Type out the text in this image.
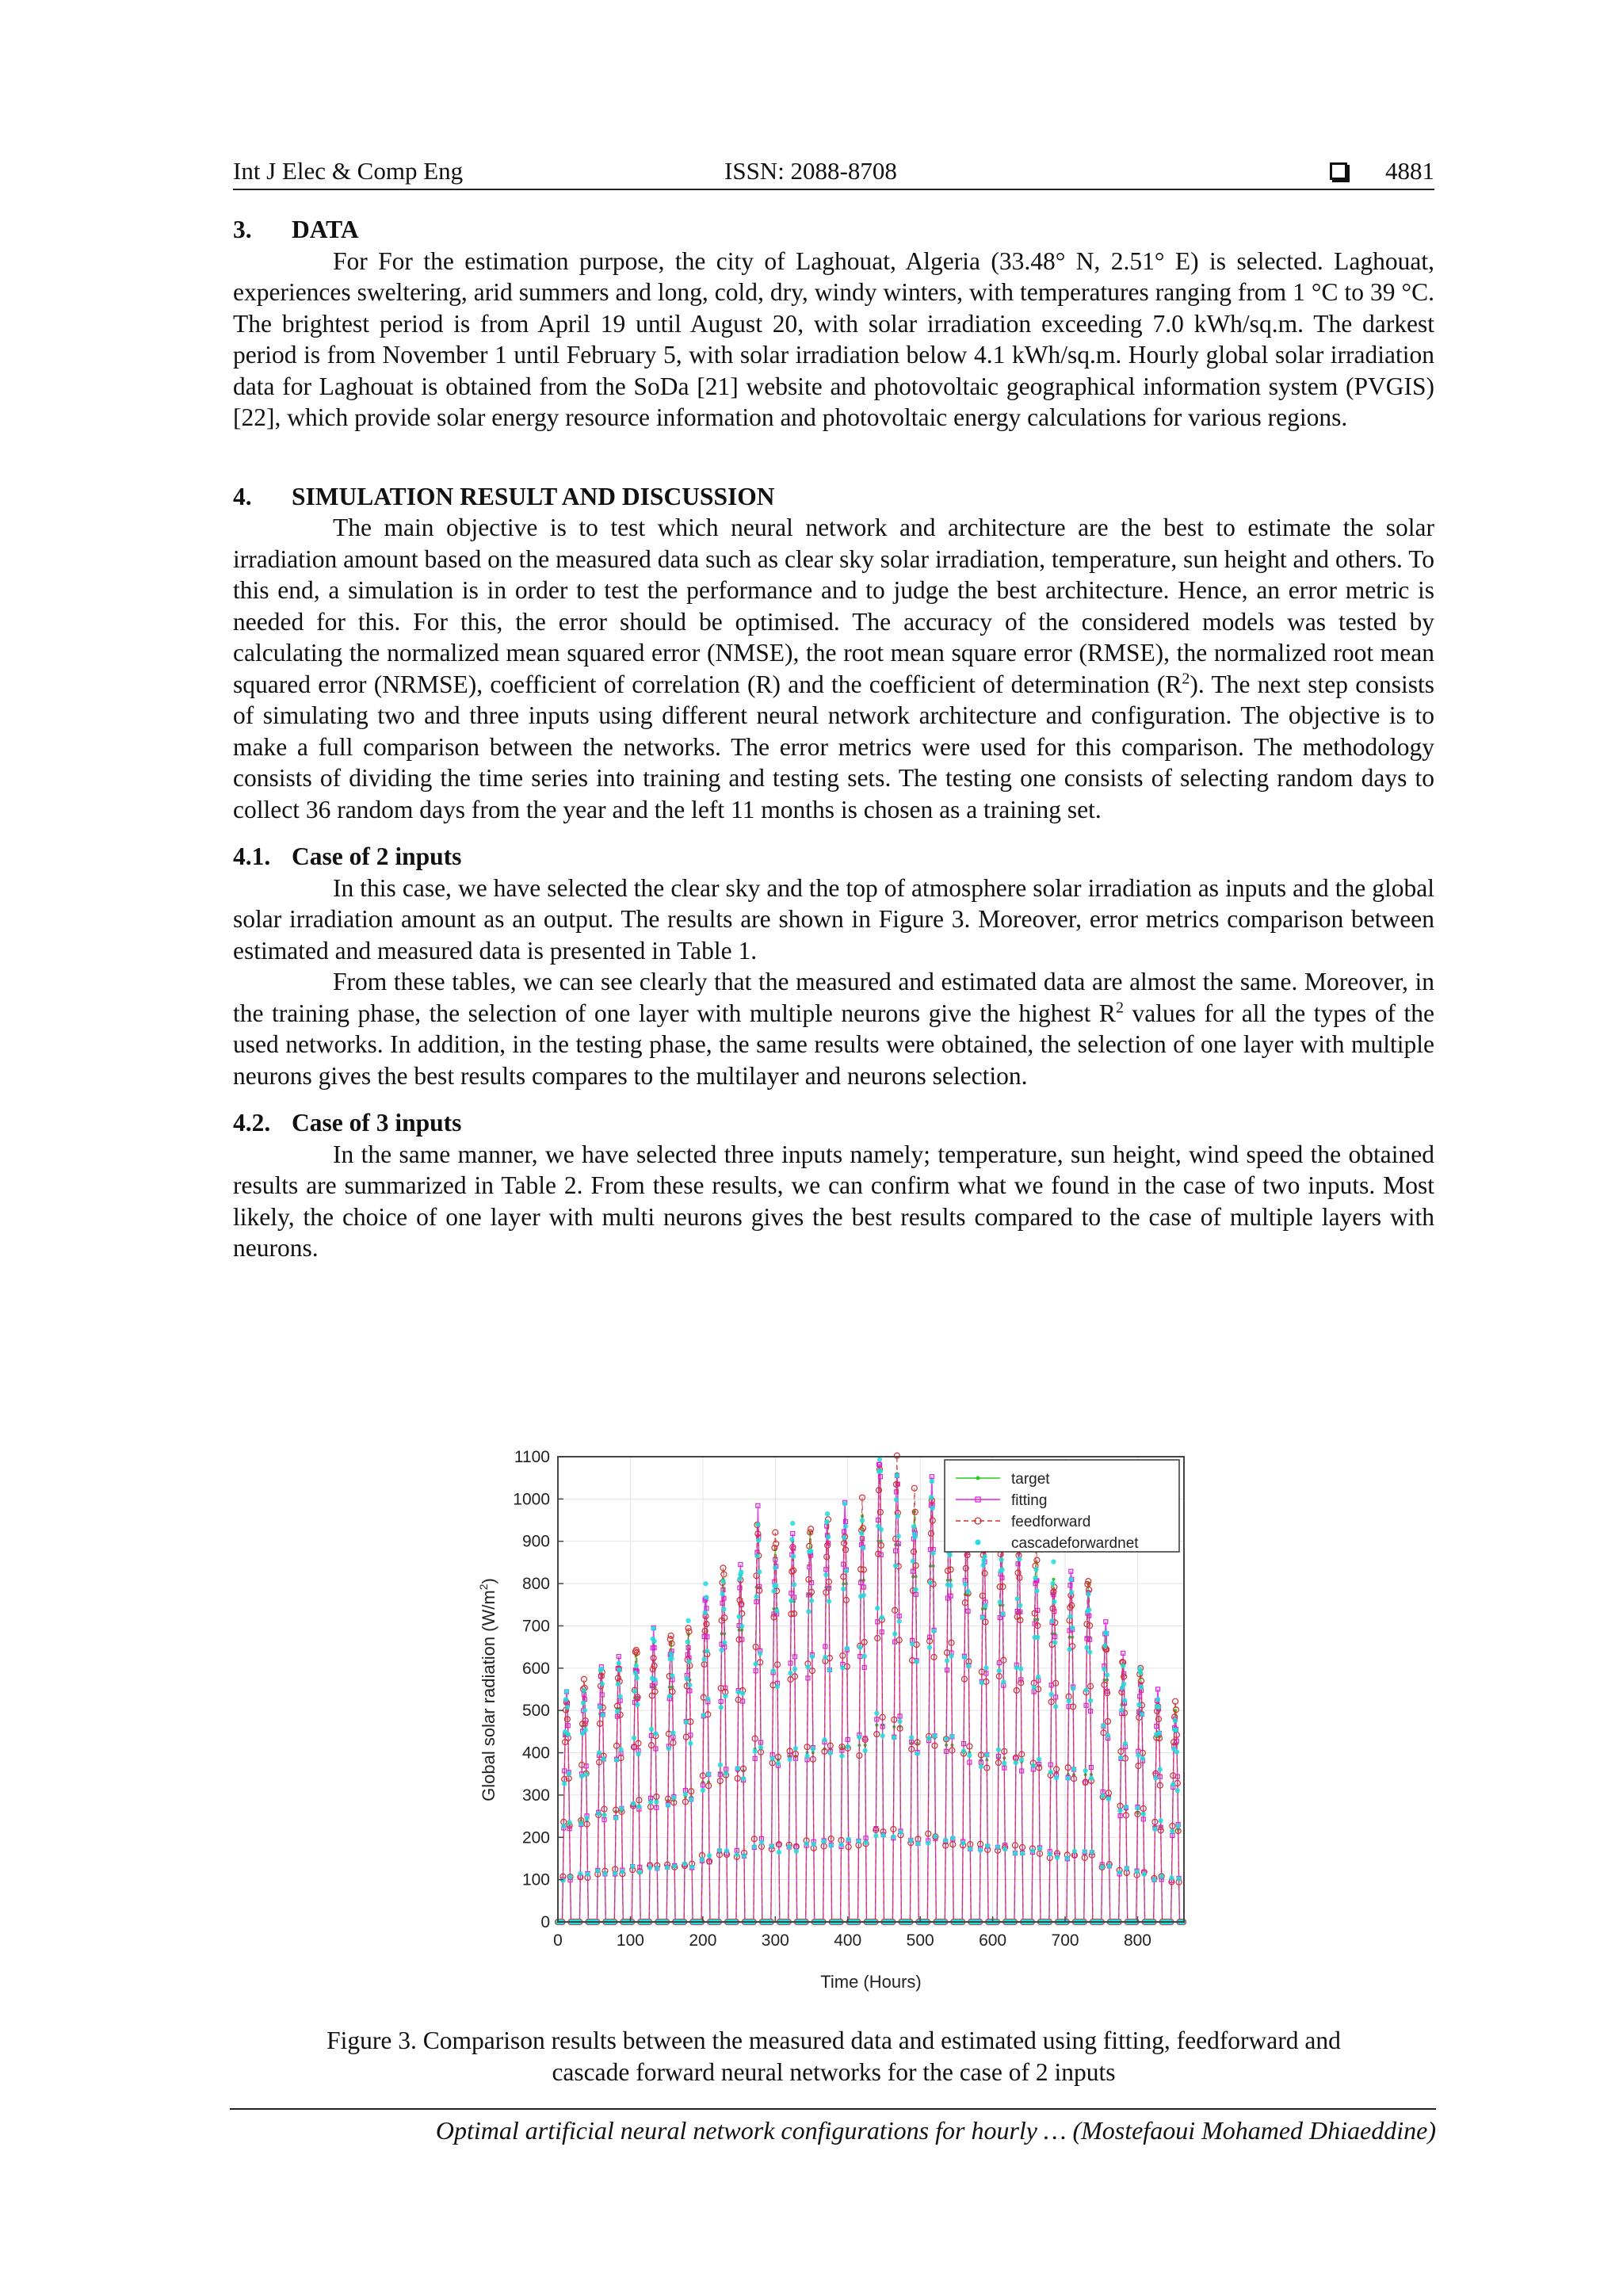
Int J Elec & Comp Eng	ISSN: 2088-8708	4881
3. DATA

For For the estimation purpose, the city of Laghouat, Algeria (33.48° N, 2.51° E) is selected. Laghouat, experiences sweltering, arid summers and long, cold, dry, windy winters, with temperatures ranging from 1 °C to 39 °C. The brightest period is from April 19 until August 20, with solar irradiation exceeding 7.0 kWh/sq.m. The darkest period is from November 1 until February 5, with solar irradiation below 4.1 kWh/sq.m. Hourly global solar irradiation data for Laghouat is obtained from the SoDa [21] website and photovoltaic geographical information system (PVGIS) [22], which provide solar energy resource information and photovoltaic energy calculations for various regions.

4. SIMULATION RESULT AND DISCUSSION

The main objective is to test which neural network and architecture are the best to estimate the solar irradiation amount based on the measured data such as clear sky solar irradiation, temperature, sun height and others. To this end, a simulation is in order to test the performance and to judge the best architecture. Hence, an error metric is needed for this. For this, the error should be optimised. The accuracy of the considered models was tested by calculating the normalized mean squared error (NMSE), the root mean square error (RMSE), the normalized root mean squared error (NRMSE), coefficient of correlation (R) and the coefficient of determination $(R^2)$. The next step consists of simulating two and three inputs using different neural network architecture and configuration. The objective is to make a full comparison between the networks. The error metrics were used for this comparison. The methodology consists of dividing the time series into training and testing sets. The testing one consists of selecting random days to collect 36 random days from the year and the left 11 months is chosen as a training set.

4.1. Case of 2 inputs

In this case, we have selected the clear sky and the top of atmosphere solar irradiation as inputs and the global solar irradiation amount as an output. The results are shown in Figure 3. Moreover, error metrics comparison between estimated and measured data is presented in Table 1.

From these tables, we can see clearly that the measured and estimated data are almost the same. Moreover, in the training phase, the selection of one layer with multiple neurons give the highest $R^2$ values for all the types of the used networks. In addition, in the testing phase, the same results were obtained, the selection of one layer with multiple neurons gives the best results compares to the multilayer and neurons selection.

4.2. Case of 3 inputs

In the same manner, we have selected three inputs namely; temperature, sun height, wind speed the obtained results are summarized in Table 2. From these results, we can confirm what we found in the case of two inputs. Most likely, the choice of one layer with multi neurons gives the best results compared to the case of multiple layers with neurons.

0	100	200	300	400	500	600	700	800
0
100
200
300
400
500
600
700
800
900
1000
1100
Time (Hours)
Global solar radiation $(W/m^2)$
target
fitting
feedforward
cascadeforwardnet
Figure 3. Comparison results between the measured data and estimated using fitting, feedforward and
cascade forward neural networks for the case of 2 inputs
Optimal artificial neural network configurations for hourly … (Mostefaoui Mohamed Dhiaeddine)
